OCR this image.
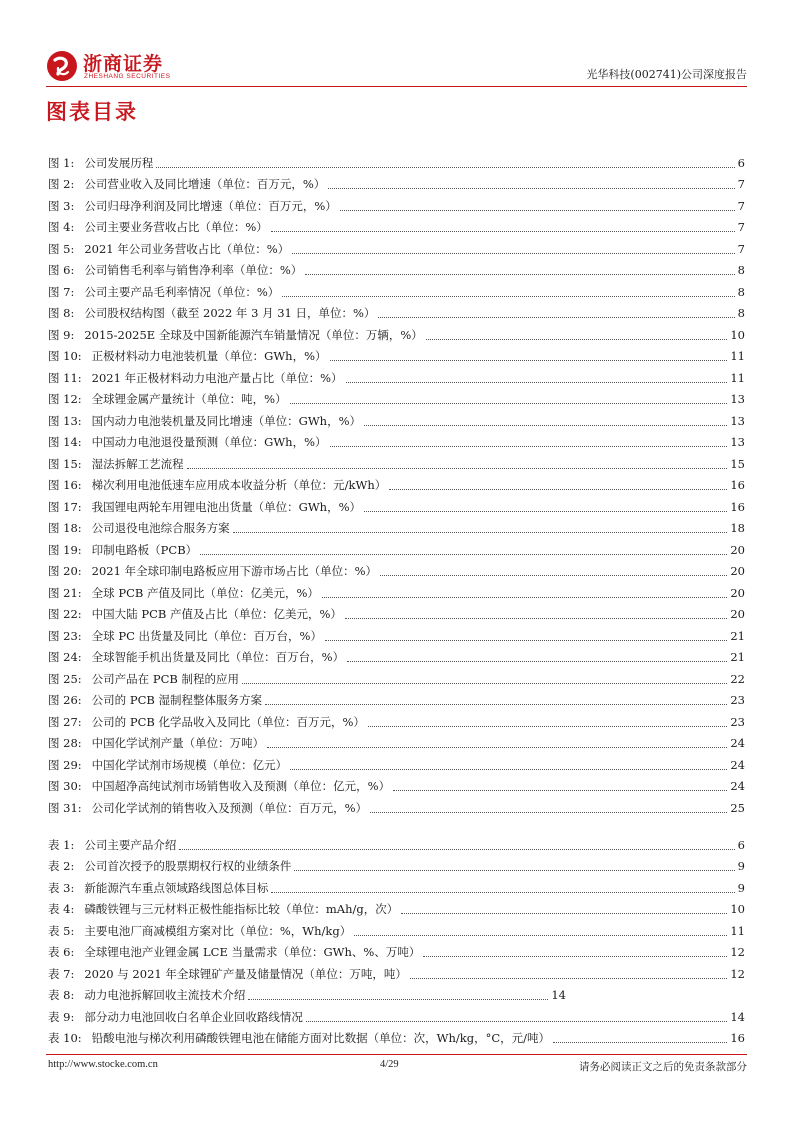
浙商证券
ZHESHANG SECURITIES	光华科技(002741)公司深度报告
图表目录
图 1: 公司发展历程	6
图 2: 公司营业收入及同比增速（单位：百万元，%）	7
图 3: 公司归母净利润及同比增速（单位：百万元，%）	7
图 4: 公司主要业务营收占比（单位：%）	7
图 5: 2021 年公司业务营收占比（单位：%）	7
图 6: 公司销售毛利率与销售净利率（单位：%）	8
图 7: 公司主要产品毛利率情况（单位：%）	8
图 8: 公司股权结构图（截至 2022 年 3 月 31 日，单位：%）	8
图 9: 2015-2025E 全球及中国新能源汽车销量情况（单位：万辆，%）	10
图 10: 正极材料动力电池装机量（单位：GWh，%）	11
图 11: 2021 年正极材料动力电池产量占比（单位：%）	11
图 12: 全球锂金属产量统计（单位：吨，%）	13
图 13: 国内动力电池装机量及同比增速（单位：GWh，%）	13
图 14: 中国动力电池退役量预测（单位：GWh，%）	13
图 15: 湿法拆解工艺流程	15
图 16: 梯次利用电池低速车应用成本收益分析（单位：元/kWh）	16
图 17: 我国锂电两轮车用锂电池出货量（单位：GWh，%）	16
图 18: 公司退役电池综合服务方案	18
图 19: 印制电路板（PCB）	20
图 20: 2021 年全球印制电路板应用下游市场占比（单位：%）	20
图 21: 全球 PCB 产值及同比（单位：亿美元，%）	20
图 22: 中国大陆 PCB 产值及占比（单位：亿美元，%）	20
图 23: 全球 PC 出货量及同比（单位：百万台，%）	21
图 24: 全球智能手机出货量及同比（单位：百万台，%）	21
图 25: 公司产品在 PCB 制程的应用	22
图 26: 公司的 PCB 湿制程整体服务方案	23
图 27: 公司的 PCB 化学品收入及同比（单位：百万元，%）	23
图 28: 中国化学试剂产量（单位：万吨）	24
图 29: 中国化学试剂市场规模（单位：亿元）	24
图 30: 中国超净高纯试剂市场销售收入及预测（单位：亿元，%）	24
图 31: 公司化学试剂的销售收入及预测（单位：百万元，%）	25
表 1: 公司主要产品介绍	6
表 2: 公司首次授予的股票期权行权的业绩条件	9
表 3: 新能源汽车重点领域路线图总体目标	9
表 4: 磷酸铁锂与三元材料正极性能指标比较（单位：mAh/g，次）	10
表 5: 主要电池厂商减模组方案对比（单位：%，Wh/kg）	11
表 6: 全球锂电池产业锂金属 LCE 当量需求（单位：GWh、%、万吨）	12
表 7: 2020 与 2021 年全球锂矿产量及储量情况（单位：万吨，吨）	12
表 8: 动力电池拆解回收主流技术介绍	14
表 9: 部分动力电池回收白名单企业回收路线情况	14
表 10: 铅酸电池与梯次利用磷酸铁锂电池在储能方面对比数据（单位：次，Wh/kg，°C，元/吨）	16
http://www.stocke.com.cn	4/29	请务必阅读正文之后的免责条款部分
